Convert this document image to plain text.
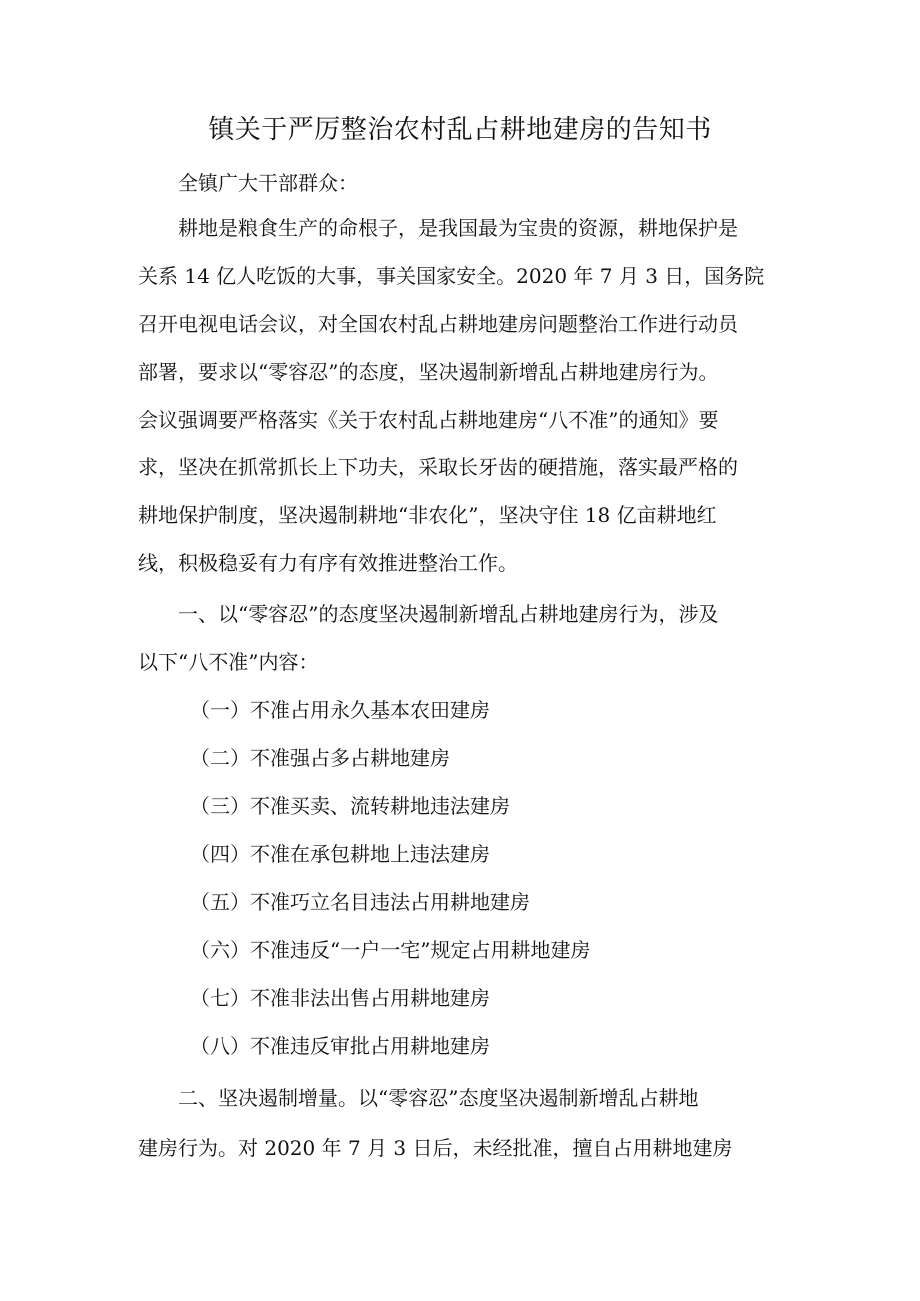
镇关于严厉整治农村乱占耕地建房的告知书
全镇广大干部群众：
耕地是粮食生产的命根子，是我国最为宝贵的资源，耕地保护是
关系 14 亿人吃饭的大事，事关国家安全。2020 年 7 月 3 日，国务院
召开电视电话会议，对全国农村乱占耕地建房问题整治工作进行动员
部署，要求以“零容忍”的态度，坚决遏制新增乱占耕地建房行为。
会议强调要严格落实《关于农村乱占耕地建房“八不准”的通知》要
求，坚决在抓常抓长上下功夫，采取长牙齿的硬措施，落实最严格的
耕地保护制度，坚决遏制耕地“非农化”，坚决守住 18 亿亩耕地红
线，积极稳妥有力有序有效推进整治工作。
一、以“零容忍”的态度坚决遏制新增乱占耕地建房行为，涉及
以下“八不准”内容：
（一）不准占用永久基本农田建房
（二）不准强占多占耕地建房
（三）不准买卖、流转耕地违法建房
（四）不准在承包耕地上违法建房
（五）不准巧立名目违法占用耕地建房
（六）不准违反“一户一宅”规定占用耕地建房
（七）不准非法出售占用耕地建房
（八）不准违反审批占用耕地建房
二、坚决遏制增量。以“零容忍”态度坚决遏制新增乱占耕地
建房行为。对 2020 年 7 月 3 日后，未经批准，擅自占用耕地建房
